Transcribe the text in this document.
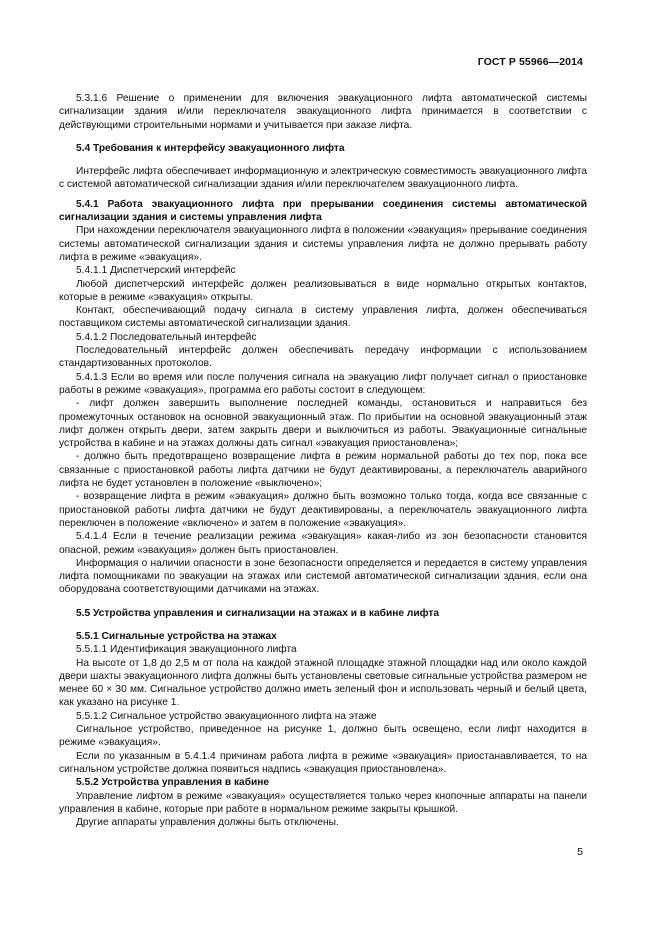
ГОСТ Р 55966—2014

5.3.1.6 Решение о применении для включения эвакуационного лифта автоматической системы сигнализации здания и/или переключателя эвакуационного лифта принимается в соответствии с действующими строительными нормами и учитывается при заказе лифта.

5.4 Требования к интерфейсу эвакуационного лифта

Интерфейс лифта обеспечивает информационную и электрическую совместимость эвакуационного лифта с системой автоматической сигнализации здания и/или переключателем эвакуационного лифта.

5.4.1 Работа эвакуационного лифта при прерывании соединения системы автоматической сигнализации здания и системы управления лифта

При нахождении переключателя эвакуационного лифта в положении «эвакуация» прерывание соединения системы автоматической сигнализации здания и системы управления лифта не должно прерывать работу лифта в режиме «эвакуация».

5.4.1.1 Диспетчерский интерфейс

Любой диспетчерский интерфейс должен реализовываться в виде нормально открытых контактов, которые в режиме «эвакуация» открыты.

Контакт, обеспечивающий подачу сигнала в систему управления лифта, должен обеспечиваться поставщиком системы автоматической сигнализации здания.

5.4.1.2 Последовательный интерфейс

Последовательный интерфейс должен обеспечивать передачу информации с использованием стандартизованных протоколов.

5.4.1.3 Если во время или после получения сигнала на эвакуацию лифт получает сигнал о приостановке работы в режиме «эвакуация», программа его работы состоит в следующем:

- лифт должен завершить выполнение последней команды, остановиться и направиться без промежуточных остановок на основной эвакуационный этаж. По прибытии на основной эвакуационный этаж лифт должен открыть двери, затем закрыть двери и выключиться из работы. Эвакуационные сигнальные устройства в кабине и на этажах должны дать сигнал «эвакуация приостановлена»;

- должно быть предотвращено возвращение лифта в режим нормальной работы до тех пор, пока все связанные с приостановкой работы лифта датчики не будут деактивированы, а переключатель аварийного лифта не будет установлен в положение «выключено»;

- возвращение лифта в режим «эвакуация» должно быть возможно только тогда, когда все связанные с приостановкой работы лифта датчики не будут деактивированы, а переключатель эвакуационного лифта переключен в положение «включено» и затем в положение «эвакуация».

5.4.1.4 Если в течение реализации режима «эвакуация» какая-либо из зон безопасности становится опасной, режим «эвакуация» должен быть приостановлен.

Информация о наличии опасности в зоне безопасности определяется и передается в систему управления лифта помощниками по эвакуации на этажах или системой автоматической сигнализации здания, если она оборудована соответствующими датчиками на этажах.

5.5 Устройства управления и сигнализации на этажах и в кабине лифта

5.5.1 Сигнальные устройства на этажах

5.5.1.1 Идентификация эвакуационного лифта

На высоте от 1,8 до 2,5 м от пола на каждой этажной площадке этажной площадки над или около каждой двери шахты эвакуационного лифта должны быть установлены световые сигнальные устройства размером не менее 60 × 30 мм. Сигнальное устройство должно иметь зеленый фон и использовать черный и белый цвета, как указано на рисунке 1.

5.5.1.2 Сигнальное устройство эвакуационного лифта на этаже

Сигнальное устройство, приведенное на рисунке 1, должно быть освещено, если лифт находится в режиме «эвакуация».

Если по указанным в 5.4.1.4 причинам работа лифта в режиме «эвакуация» приостанавливается, то на сигнальном устройстве должна появиться надпись «эвакуация приостановлена».

5.5.2 Устройства управления в кабине

Управление лифтом в режиме «эвакуация» осуществляется только через кнопочные аппараты на панели управления в кабине, которые при работе в нормальном режиме закрыты крышкой.

Другие аппараты управления должны быть отключены.

5
